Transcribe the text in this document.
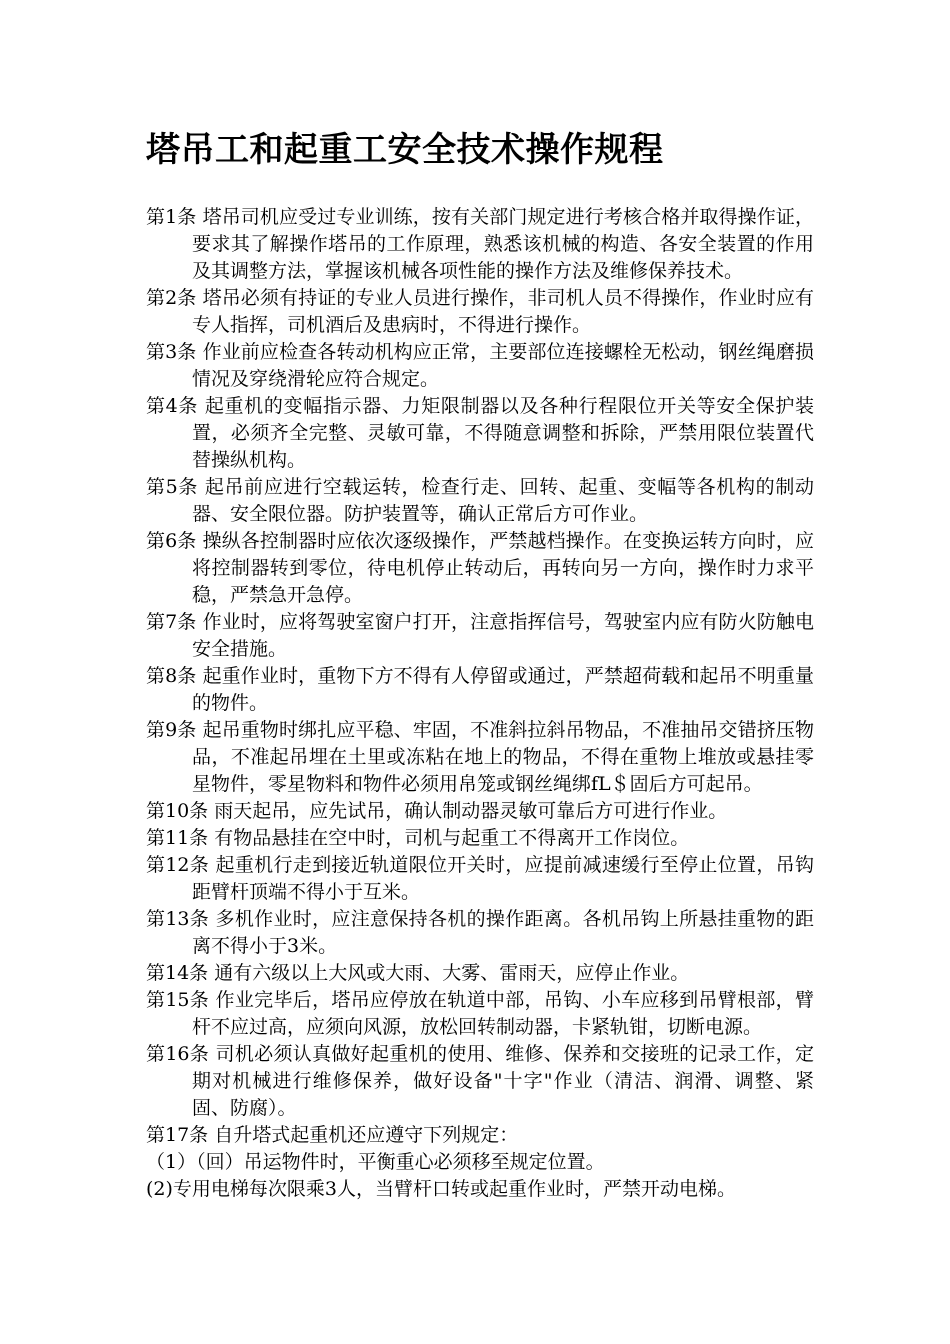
塔吊工和起重工安全技术操作规程
第1条 塔吊司机应受过专业训练，按有关部门规定进行考核合格并取得操作证，要求其了解操作塔吊的工作原理，熟悉该机械的构造、各安全装置的作用及其调整方法，掌握该机械各项性能的操作方法及维修保养技术。
第2条 塔吊必须有持证的专业人员进行操作，非司机人员不得操作，作业时应有专人指挥，司机酒后及患病时，不得进行操作。
第3条 作业前应检查各转动机构应正常，主要部位连接螺栓无松动，钢丝绳磨损情况及穿绕滑轮应符合规定。
第4条 起重机的变幅指示器、力矩限制器以及各种行程限位开关等安全保护装置，必须齐全完整、灵敏可靠，不得随意调整和拆除，严禁用限位装置代替操纵机构。
第5条 起吊前应进行空载运转，检查行走、回转、起重、变幅等各机构的制动器、安全限位器。防护装置等，确认正常后方可作业。
第6条 操纵各控制器时应依次逐级操作，严禁越档操作。在变换运转方向时，应将控制器转到零位，待电机停止转动后，再转向另一方向，操作时力求平稳，严禁急开急停。
第7条 作业时，应将驾驶室窗户打开，注意指挥信号，驾驶室内应有防火防触电安全措施。
第8条 起重作业时，重物下方不得有人停留或通过，严禁超荷载和起吊不明重量的物件。
第9条 起吊重物时绑扎应平稳、牢固，不准斜拉斜吊物品，不准抽吊交错挤压物品，不准起吊埋在土里或冻粘在地上的物品，不得在重物上堆放或悬挂零星物件，零星物料和物件必须用帛笼或钢丝绳绑fL＄固后方可起吊。
第10条 雨天起吊，应先试吊，确认制动器灵敏可靠后方可进行作业。
第11条 有物品悬挂在空中时，司机与起重工不得离开工作岗位。
第12条 起重机行走到接近轨道限位开关时，应提前减速缓行至停止位置，吊钩距臂杆顶端不得小于互米。
第13条 多机作业时，应注意保持各机的操作距离。各机吊钩上所悬挂重物的距离不得小于3米。
第14条 通有六级以上大风或大雨、大雾、雷雨天，应停止作业。
第15条 作业完毕后，塔吊应停放在轨道中部，吊钩、小车应移到吊臂根部，臂杆不应过高，应须向风源，放松回转制动器，卡紧轨钳，切断电源。
第16条 司机必须认真做好起重机的使用、维修、保养和交接班的记录工作，定期对机械进行维修保养，做好设备"十字"作业（清洁、润滑、调整、紧固、防腐）。
第17条 自升塔式起重机还应遵守下列规定：
（1）（回）吊运物件时，平衡重心必须移至规定位置。
(2)专用电梯每次限乘3人，当臂杆口转或起重作业时，严禁开动电梯。
